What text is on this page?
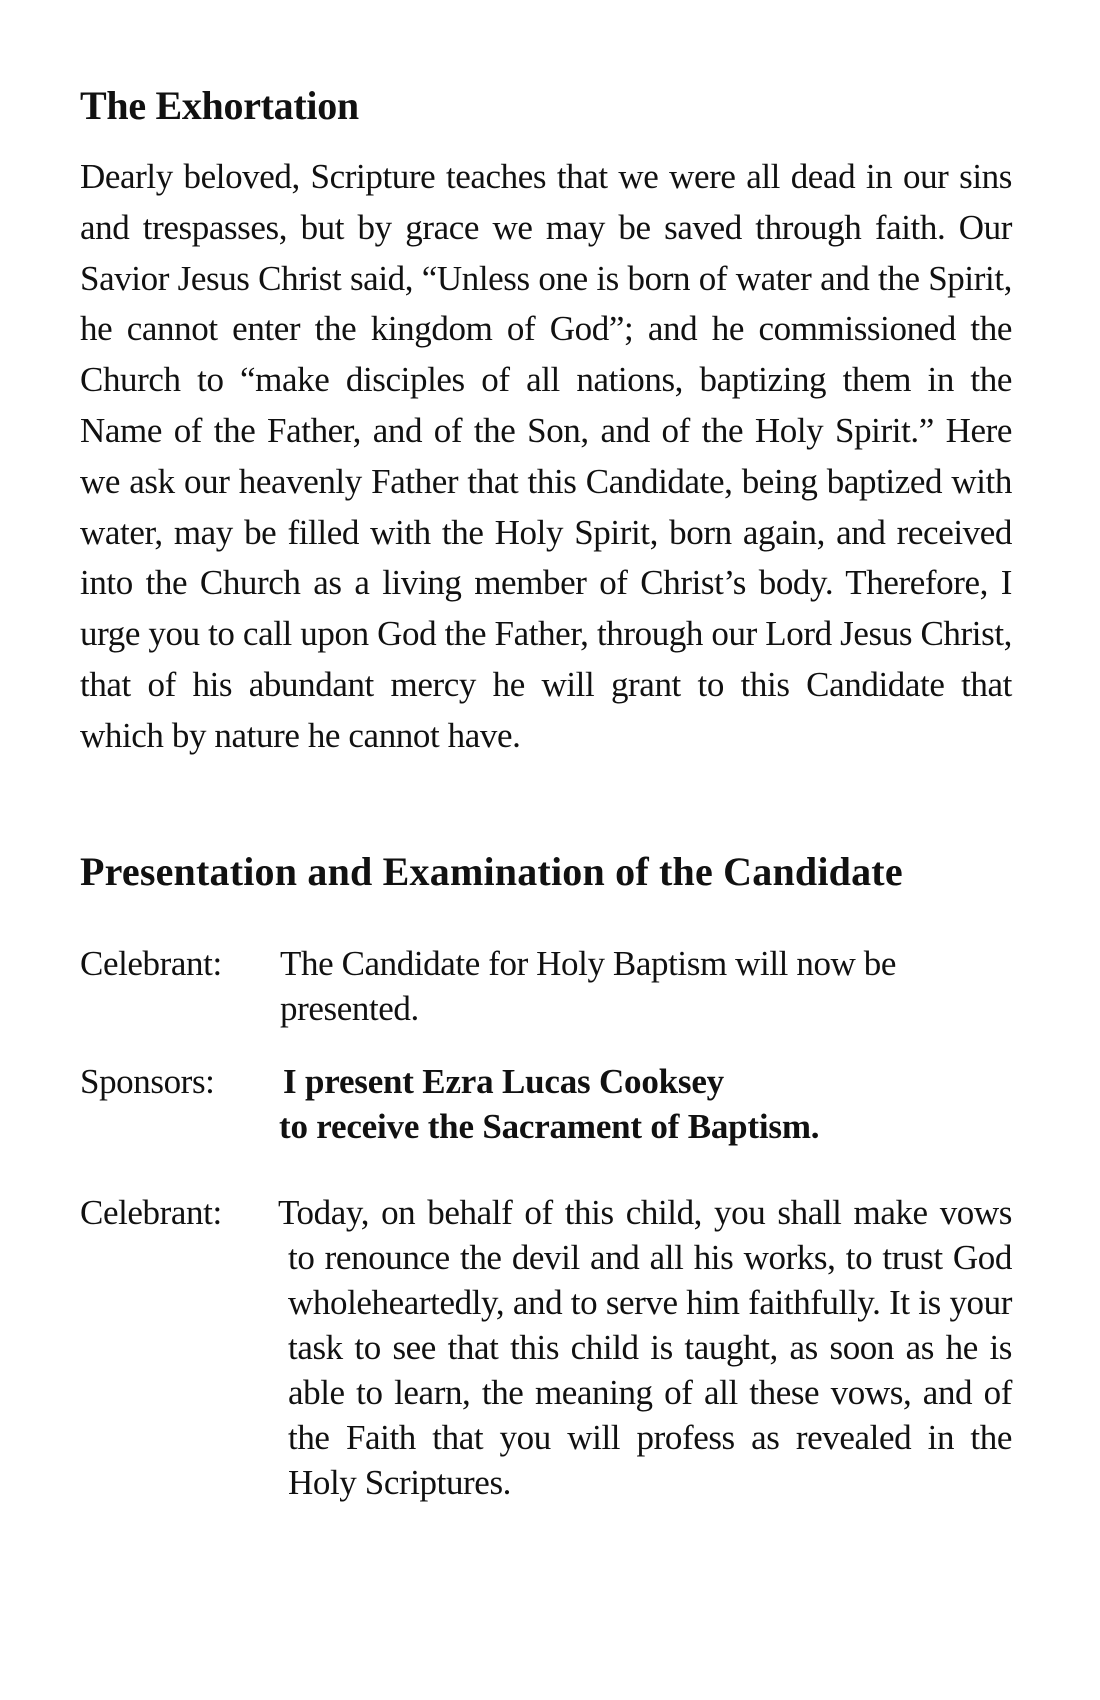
The Exhortation

Dearly beloved, Scripture teaches that we were all dead in our sins and trespasses, but by grace we may be saved through faith. Our Savior Jesus Christ said, “Unless one is born of water and the Spirit, he cannot enter the kingdom of God”; and he commissioned the Church to “make disciples of all nations, baptizing them in the Name of the Father, and of the Son, and of the Holy Spirit.” Here we ask our heavenly Father that this Candidate, being baptized with water, may be filled with the Holy Spirit, born again, and received into the Church as a living member of Christ’s body. Therefore, I urge you to call upon God the Father, through our Lord Jesus Christ, that of his abundant mercy he will grant to this Candidate that which by nature he cannot have.

Presentation and Examination of the Candidate
Celebrant: The Candidate for Holy Baptism will now be
presented.
Sponsors: I present Ezra Lucas Cooksey
to receive the Sacrament of Baptism.
Celebrant: Today, on behalf of this child, you shall make vows to renounce the devil and all his works, to trust God wholeheartedly, and to serve him faithfully. It is your task to see that this child is taught, as soon as he is able to learn, the meaning of all these vows, and of the Faith that you will profess as revealed in the Holy Scriptures.
